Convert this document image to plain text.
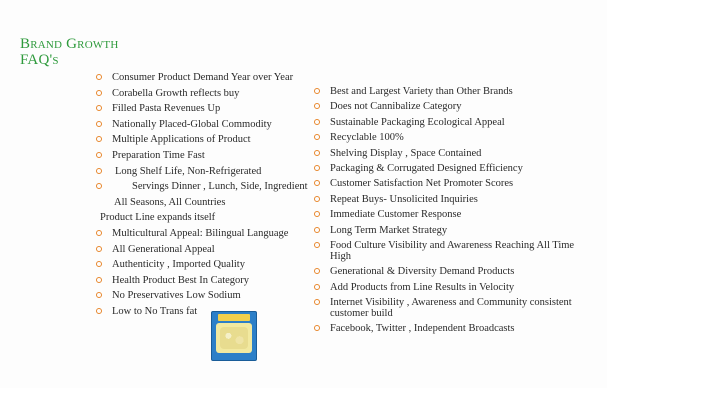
Brand Growth
FAQ's
Consumer Product Demand Year over Year
Corabella Growth reflects buy
Filled Pasta Revenues Up
Nationally Placed-Global Commodity
Multiple Applications of Product
Preparation Time Fast
Long Shelf Life, Non-Refrigerated
Servings Dinner , Lunch, Side, Ingredient
All Seasons, All Countries
Product Line expands itself
Multicultural Appeal: Bilingual Language
All Generational Appeal
Authenticity , Imported Quality
Health Product Best In Category
No Preservatives Low Sodium
Low to No Trans fat
Best and Largest Variety than Other Brands
Does not Cannibalize Category
Sustainable Packaging Ecological Appeal
Recyclable 100%
Shelving Display , Space Contained
Packaging & Corrugated Designed Efficiency
Customer Satisfaction Net Promoter Scores
Repeat Buys- Unsolicited Inquiries
Immediate Customer Response
Long Term Market Strategy
Food Culture Visibility and Awareness Reaching All Time High
Generational & Diversity Demand Products
Add Products from Line Results in Velocity
Internet Visibility , Awareness and Community consistent customer build
Facebook, Twitter , Independent Broadcasts
